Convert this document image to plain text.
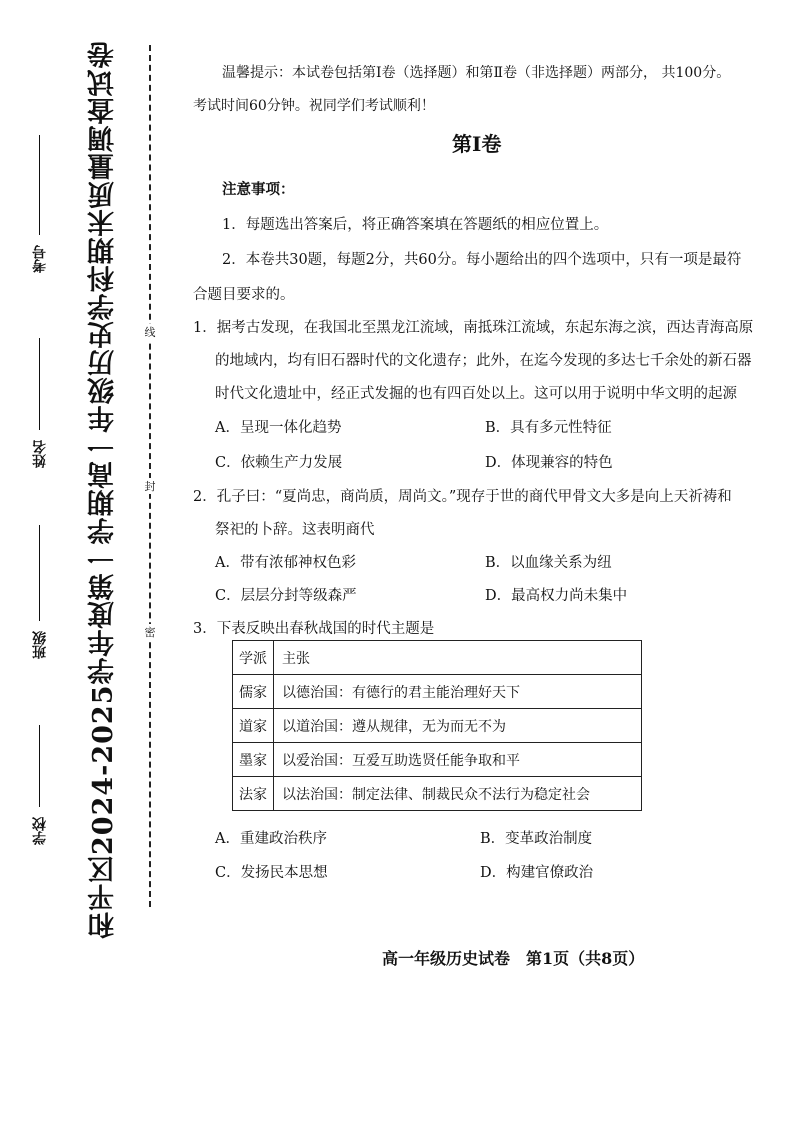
学校
班级
姓名
考号 和平区2024-2025学年度第一学期高一年级历史学科期末质量调查试卷	线
封
密
温馨提示：本试卷包括第Ⅰ卷（选择题）和第Ⅱ卷（非选择题）两部分， 共100分。
考试时间60分钟。祝同学们考试顺利！
第Ⅰ卷
注意事项：
1．每题选出答案后，将正确答案填在答题纸的相应位置上。
2．本卷共30题，每题2分，共60分。每小题给出的四个选项中，只有一项是最符
合题目要求的。
1．据考古发现，在我国北至黑龙江流域，南抵珠江流域，东起东海之滨，西达青海高原
的地域内，均有旧石器时代的文化遗存；此外，在迄今发现的多达七千余处的新石器
时代文化遗址中，经正式发掘的也有四百处以上。这可以用于说明中华文明的起源
A．呈现一体化趋势	B．具有多元性特征
C．依赖生产力发展	D．体现兼容的特色
2．孔子曰：“夏尚忠，商尚质，周尚文。”现存于世的商代甲骨文大多是向上天祈祷和
祭祀的卜辞。这表明商代
A．带有浓郁神权色彩	B．以血缘关系为纽
C．层层分封等级森严	D．最高权力尚未集中
3．下表反映出春秋战国的时代主题是
学派	主张
儒家	以德治国：有德行的君主能治理好天下
道家	以道治国：遵从规律，无为而无不为
墨家	以爱治国：互爱互助选贤任能争取和平
法家	以法治国：制定法律、制裁民众不法行为稳定社会
A．重建政治秩序	B．变革政治制度
C．发扬民本思想	D．构建官僚政治
高一年级历史试卷　第1页（共8页）
